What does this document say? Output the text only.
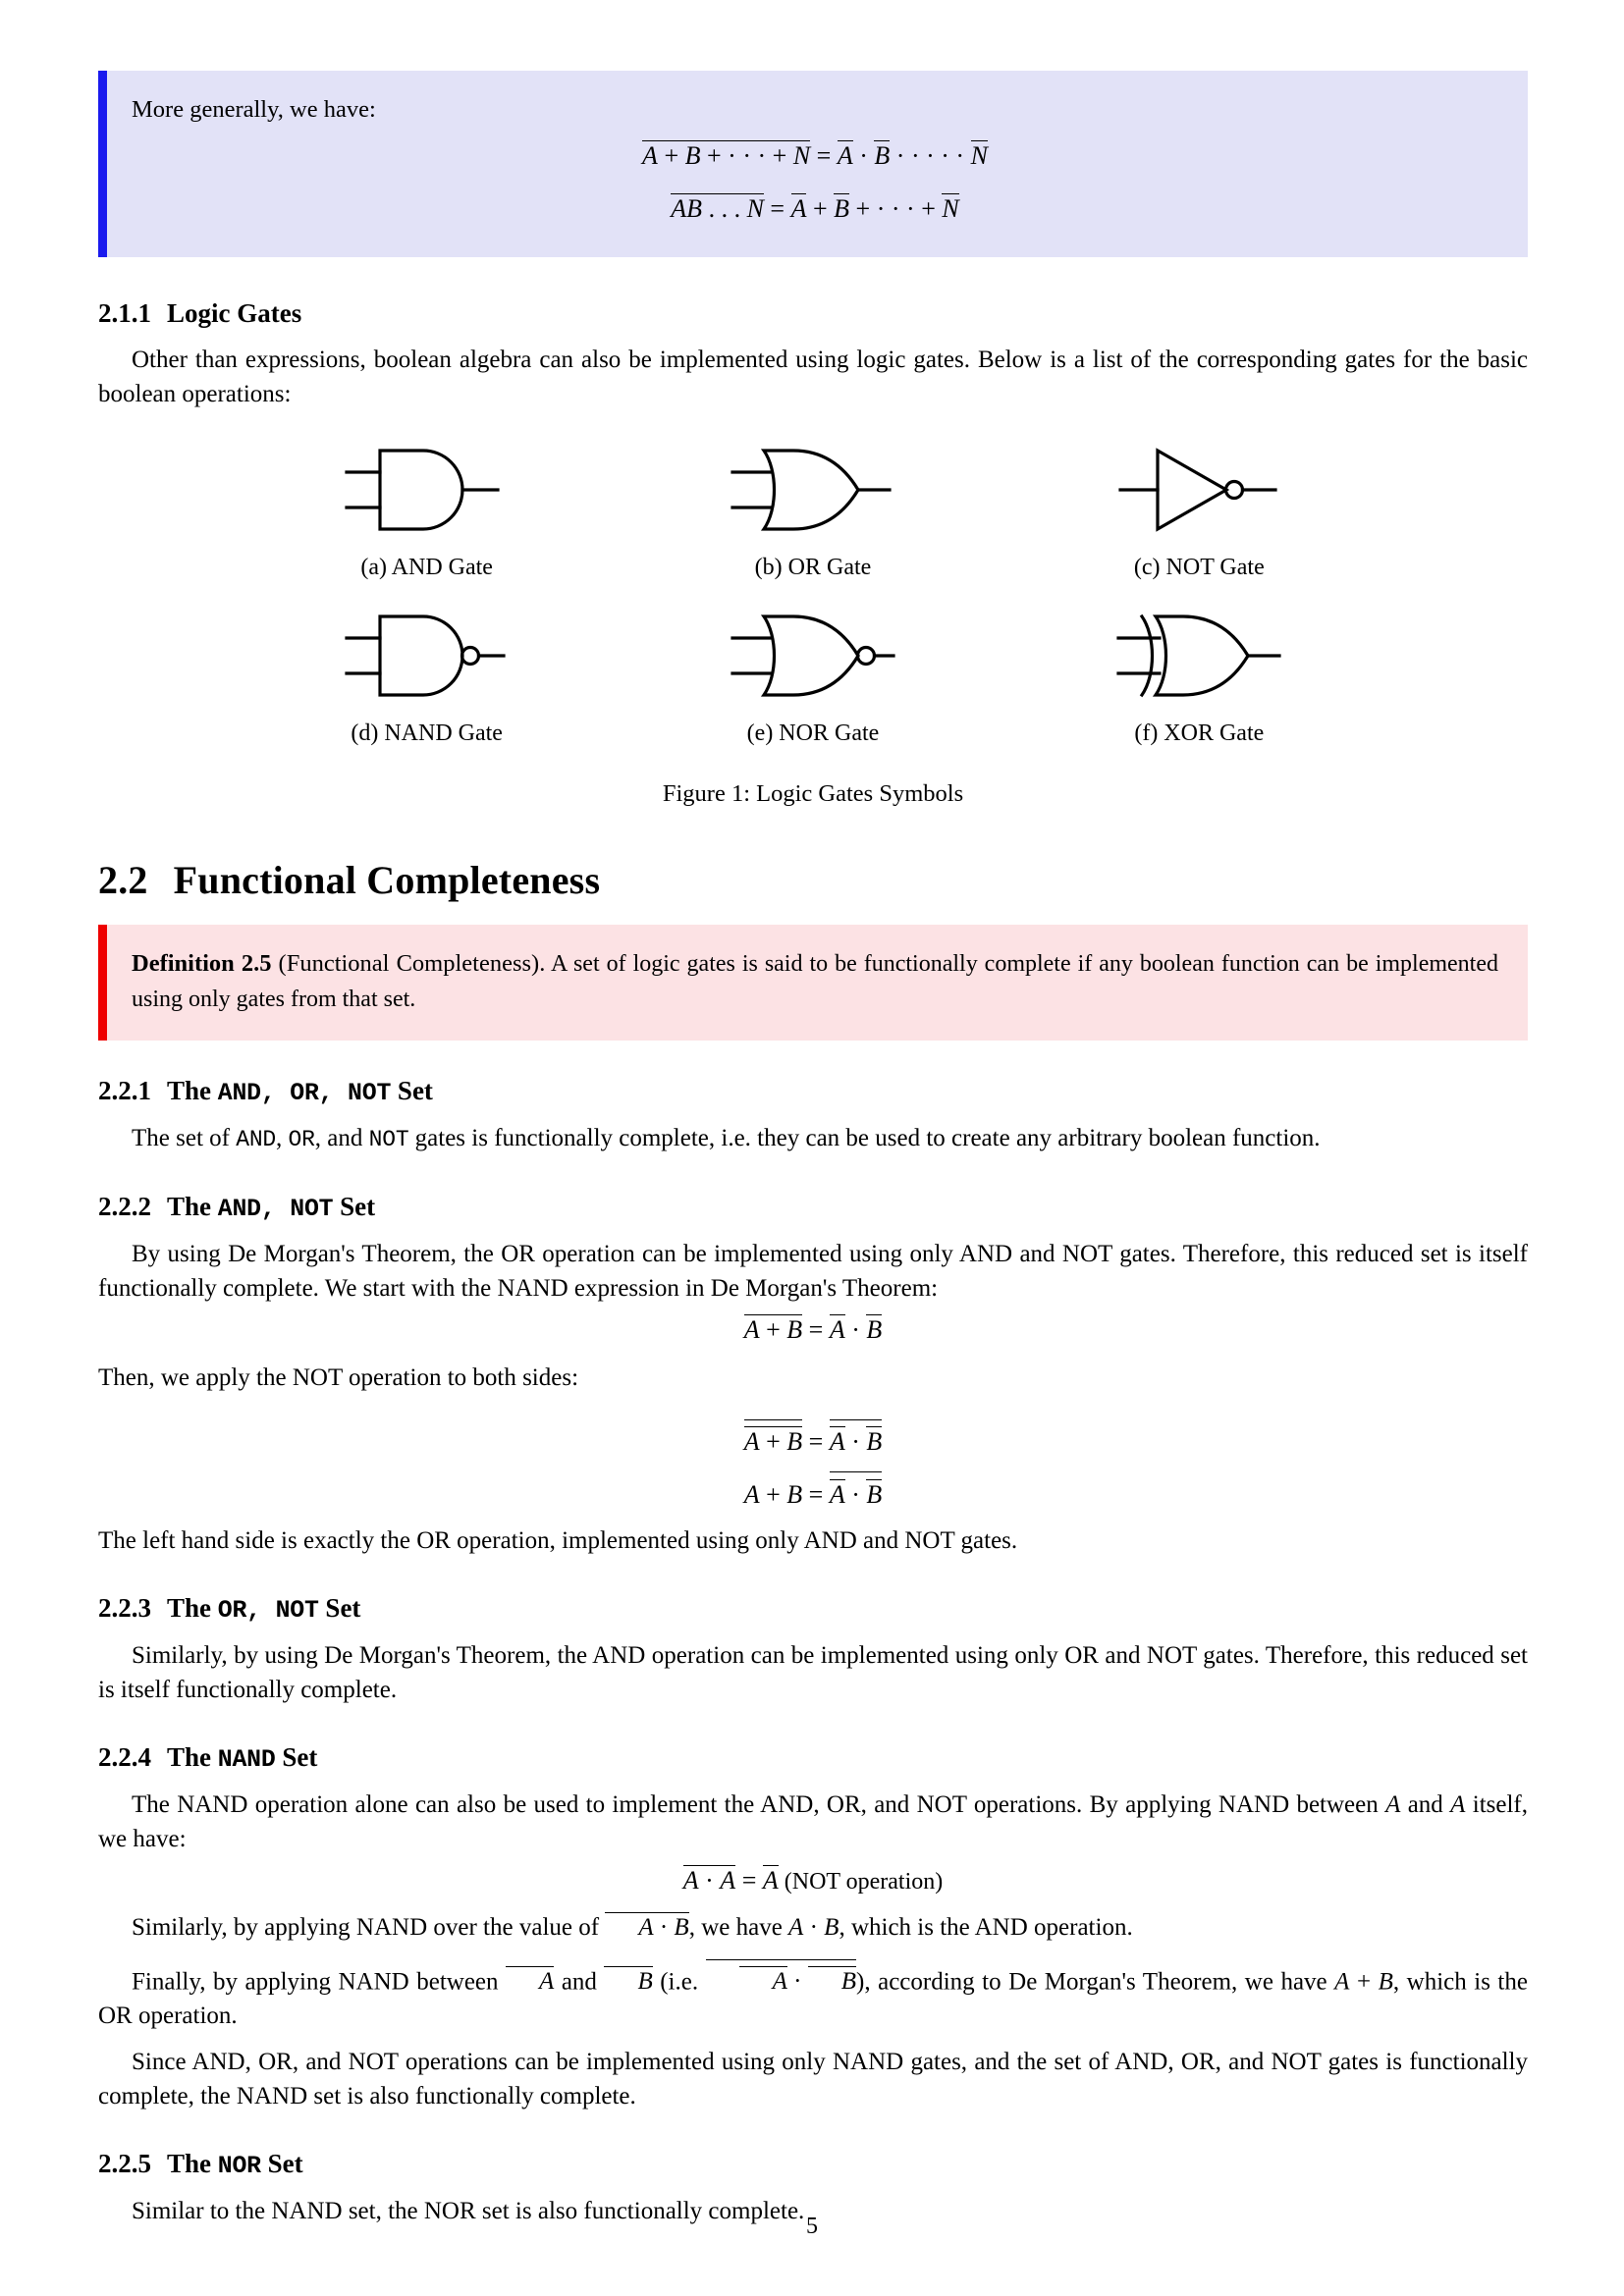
More generally, we have:

A + B + · · · + N = A · B · · · · · N
AB . . . N = A + B + · · · + N
2.1.1 Logic Gates

Other than expressions, boolean algebra can also be implemented using logic gates. Below is a list of the corresponding gates for the basic boolean operations:

(a) AND Gate	(b) OR Gate	(c) NOT Gate
(d) NAND Gate	(e) NOR Gate	(f) XOR Gate
Figure 1: Logic Gates Symbols
2.2 Functional Completeness

Definition 2.5 (Functional Completeness). A set of logic gates is said to be functionally complete if any boolean function can be implemented using only gates from that set.

2.2.1 The AND, OR, NOT Set

The set of AND, OR, and NOT gates is functionally complete, i.e. they can be used to create any arbitrary boolean function.

2.2.2 The AND, NOT Set

By using De Morgan's Theorem, the OR operation can be implemented using only AND and NOT gates. Therefore, this reduced set is itself functionally complete. We start with the NAND expression in De Morgan's Theorem:

A + B = A · B

Then, we apply the NOT operation to both sides:

A + B = A · B
A + B = A · B

The left hand side is exactly the OR operation, implemented using only AND and NOT gates.

2.2.3 The OR, NOT Set

Similarly, by using De Morgan's Theorem, the AND operation can be implemented using only OR and NOT gates. Therefore, this reduced set is itself functionally complete.

2.2.4 The NAND Set

The NAND operation alone can also be used to implement the AND, OR, and NOT operations. By applying NAND between A and A itself, we have:

A · A = A (NOT operation)

Similarly, by applying NAND over the value of A · B, we have A · B, which is the AND operation.

Finally, by applying NAND between A and B (i.e.	A · B), according to De Morgan's Theorem, we have A + B, which is the OR operation.

Since AND, OR, and NOT operations can be implemented using only NAND gates, and the set of AND, OR, and NOT gates is functionally complete, the NAND set is also functionally complete.

2.2.5 The NOR Set

Similar to the NAND set, the NOR set is also functionally complete.

5
